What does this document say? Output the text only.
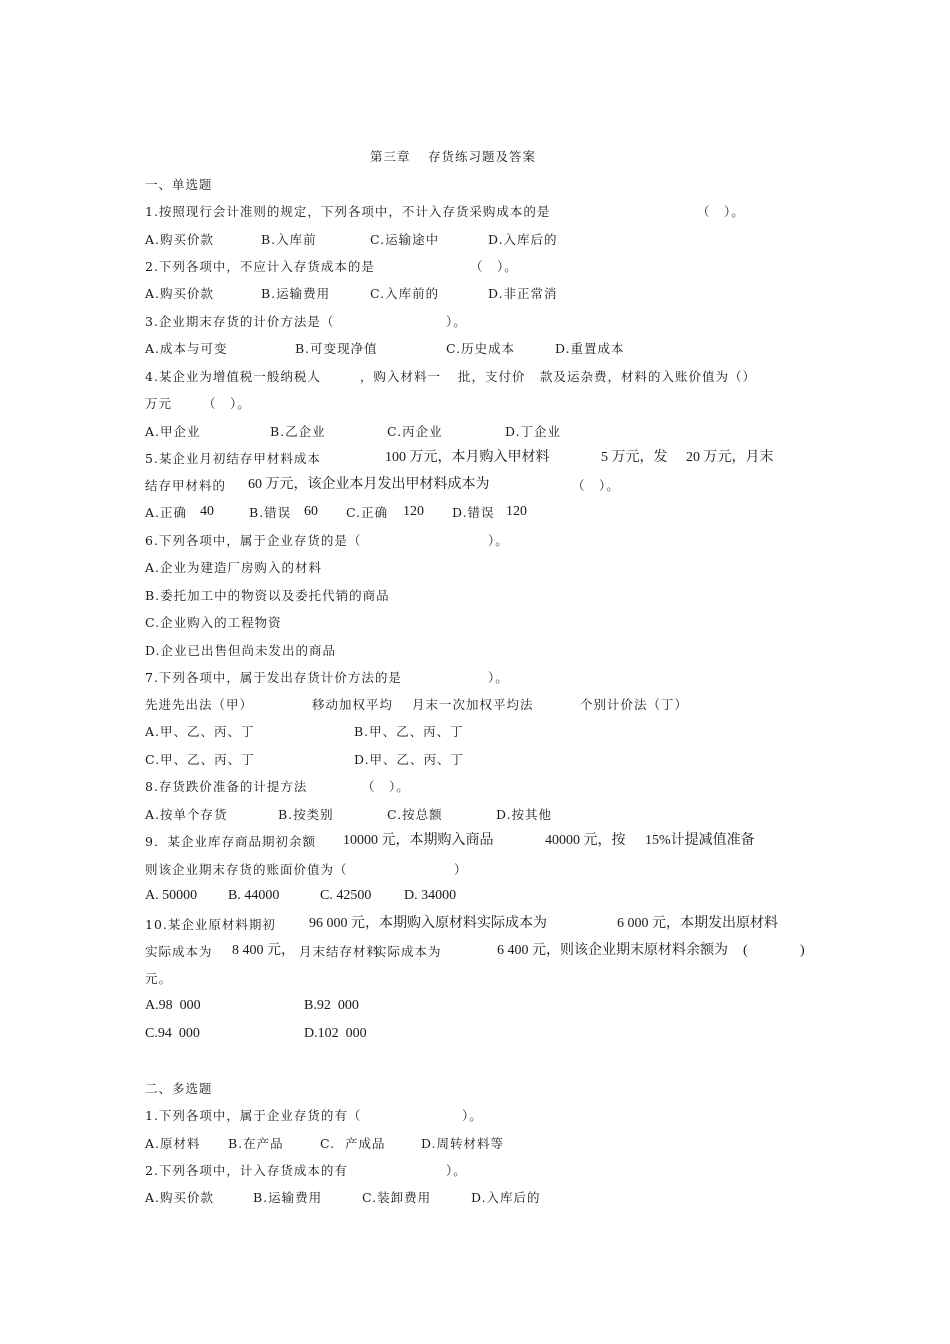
第三章 存货练习题及答案
一、单选题
1.按照现行会计准则的规定，下列各项中，不计入存货采购成本的是	（　）。
A.购买价款	B.入库前	C.运输途中	D.入库后的
2.下列各项中，不应计入存货成本的是	（　）。
A.购买价款	B.运输费用	C.入库前的	D.非正常消
3.企业期末存货的计价方法是（　	）。
A.成本与可变	B.可变现净值	C.历史成本	D.重置成本
4.某企业为增值税一般纳税人	，购入材料一 批，支付价 款及运杂费，材料的入账价值为（）
万元 （　）。
A.甲企业	B.乙企业	C.丙企业	D.丁企业
5.某企业月初结存甲材料成本	100 万元，本月购入甲材料	5 万元，发 20 万元，月末
结存甲材料的 60 万元，该企业本月发出甲材料成本为	（　）。
A.正确 40	B.错误 60 C.正确 120 D.错误 120
6.下列各项中，属于企业存货的是（　	）。
A.企业为建造厂房购入的材料
B.委托加工中的物资以及委托代销的商品
C.企业购入的工程物资
D.企业已出售但尚未发出的商品
7.下列各项中，属于发出存货计价方法的是	）。
先进先出法（甲）	移动加权平均 月末一次加权平均法	个别计价法（丁）
A.甲、乙、丙、丁	B.甲、乙、丙、丁
C.甲、乙、丙、丁	D.甲、乙、丙、丁
8.存货跌价准备的计提方法	（　）。
A.按单个存货	B.按类别	C.按总额	D.按其他
9．某企业库存商品期初余额 10000 元，本期购入商品	40000 元，按 15%计提减值准备
则该企业期末存货的账面价值为（　　	）
A. 50000 B. 44000	C. 42500 D. 34000
10.某企业原材料期初 96 000 元，本期购入原材料实际成本为	6 000 元，本期发出原材料
实际成本为 8 400 元， 月末结存材料
实际成本为	6 400 元，则该企业期末原材料余额为 (	)
元。
A.98  000	B.92  000
C.94  000	D.102  000
二、多选题
1.下列各项中，属于企业存货的有（	）。
A.原材料 B.在产品	C.  产成品	D.周转材料等
2.下列各项中，计入存货成本的有	）。
A.购买价款	B.运输费用	C.装卸费用	D.入库后的
